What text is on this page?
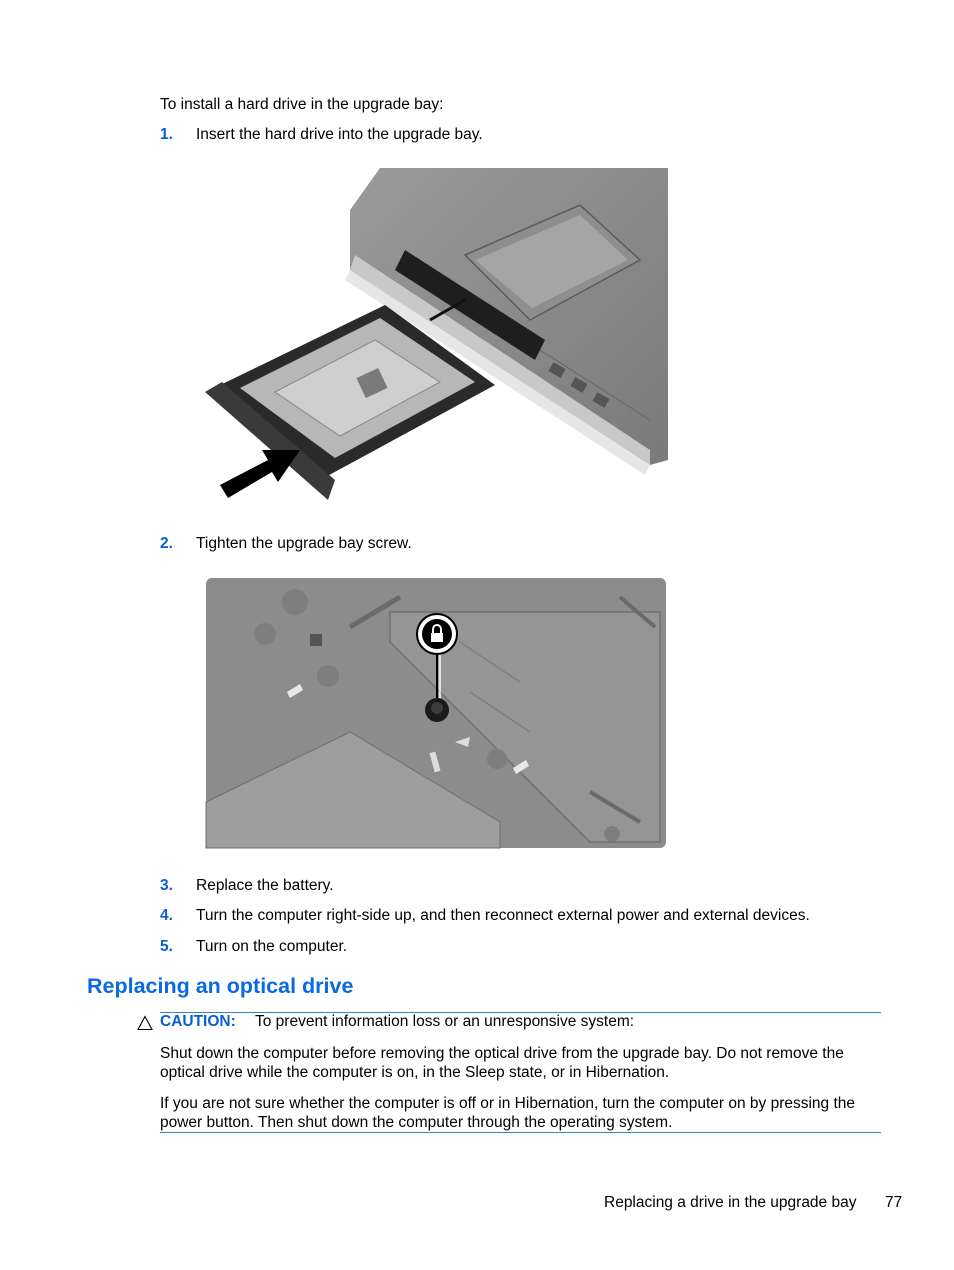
To install a hard drive in the upgrade bay:
1. Insert the hard drive into the upgrade bay.
2. Tighten the upgrade bay screw.
3. Replace the battery.
4. Turn the computer right-side up, and then reconnect external power and external devices.
5. Turn on the computer.
Replacing an optical drive
CAUTION: To prevent information loss or an unresponsive system:
Shut down the computer before removing the optical drive from the upgrade bay. Do not remove the optical drive while the computer is on, in the Sleep state, or in Hibernation.
If you are not sure whether the computer is off or in Hibernation, turn the computer on by pressing the power button. Then shut down the computer through the operating system.
Replacing a drive in the upgrade bay 77
